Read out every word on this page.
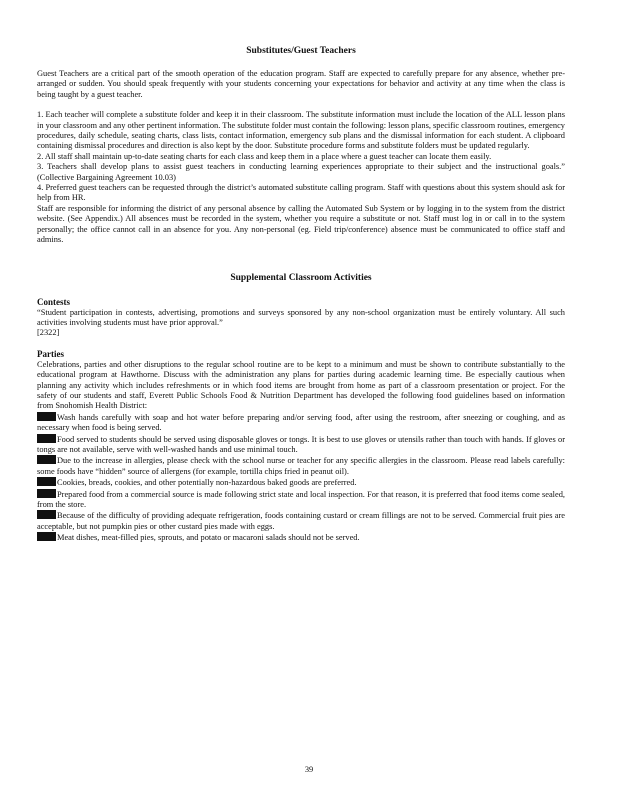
Substitutes/Guest Teachers

Guest Teachers are a critical part of the smooth operation of the education program. Staff are expected to carefully prepare for any absence, whether pre-arranged or sudden. You should speak frequently with your students concerning your expectations for behavior and activity at any time when the class is being taught by a guest teacher.

1. Each teacher will complete a substitute folder and keep it in their classroom. The substitute information must include the location of the ALL lesson plans in your classroom and any other pertinent information. The substitute folder must contain the following: lesson plans, specific classroom routines, emergency procedures, daily schedule, seating charts, class lists, contact information, emergency sub plans and the dismissal information for each student. A clipboard containing dismissal procedures and direction is also kept by the door. Substitute procedure forms and substitute folders must be updated regularly.

2. All staff shall maintain up-to-date seating charts for each class and keep them in a place where a guest teacher can locate them easily.

3. Teachers shall develop plans to assist guest teachers in conducting learning experiences appropriate to their subject and the instructional goals.” (Collective Bargaining Agreement 10.03)

4. Preferred guest teachers can be requested through the district’s automated substitute calling program. Staff with questions about this system should ask for help from HR.

Staff are responsible for informing the district of any personal absence by calling the Automated Sub System or by logging in to the system from the district website. (See Appendix.) All absences must be recorded in the system, whether you require a substitute or not. Staff must log in or call in to the system personally; the office cannot call in an absence for you. Any non-personal (eg. Field trip/conference) absence must be communicated to office staff and admins.

Supplemental Classroom Activities
Contests

“Student participation in contests, advertising, promotions and surveys sponsored by any non-school organization must be entirely voluntary. All such activities involving students must have prior approval.”

[2322]

Parties

Celebrations, parties and other disruptions to the regular school routine are to be kept to a minimum and must be shown to contribute substantially to the educational program at Hawthorne. Discuss with the administration any plans for parties during academic learning time. Be especially cautious when planning any activity which includes refreshments or in which food items are brought from home as part of a classroom presentation or project. For the safety of our students and staff, Everett Public Schools Food & Nutrition Department has developed the following food guidelines based on information from Snohomish Health District:

Wash hands carefully with soap and hot water before preparing and/or serving food, after using the restroom, after sneezing or coughing, and as necessary when food is being served.

Food served to students should be served using disposable gloves or tongs. It is best to use gloves or utensils rather than touch with hands. If gloves or tongs are not available, serve with well-washed hands and use minimal touch.

Due to the increase in allergies, please check with the school nurse or teacher for any specific allergies in the classroom. Please read labels carefully: some foods have “hidden” source of allergens (for example, tortilla chips fried in peanut oil).

Cookies, breads, cookies, and other potentially non-hazardous baked goods are preferred.

Prepared food from a commercial source is made following strict state and local inspection. For that reason, it is preferred that food items come sealed, from the store.

Because of the difficulty of providing adequate refrigeration, foods containing custard or cream fillings are not to be served. Commercial fruit pies are acceptable, but not pumpkin pies or other custard pies made with eggs.

Meat dishes, meat-filled pies, sprouts, and potato or macaroni salads should not be served.

39
